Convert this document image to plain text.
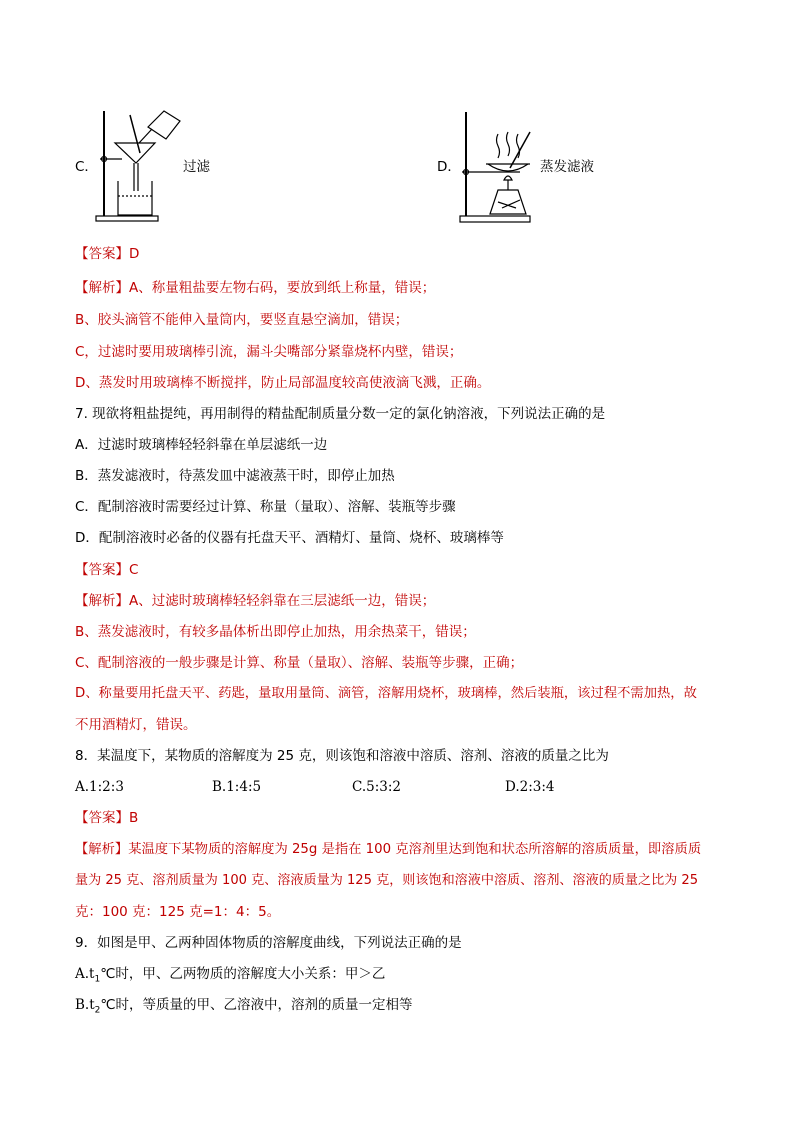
C．	过滤	D．	蒸发滤液
【答案】D
【解析】A、称量粗盐要左物右码，要放到纸上称量，错误；
B、胶头滴管不能伸入量筒内，要竖直悬空滴加，错误；
C，过滤时要用玻璃棒引流，漏斗尖嘴部分紧靠烧杯内壁，错误；
D、蒸发时用玻璃棒不断搅拌，防止局部温度较高使液滴飞溅，正确。
7. 现欲将粗盐提纯，再用制得的精盐配制质量分数一定的氯化钠溶液，下列说法正确的是
A．过滤时玻璃棒轻轻斜靠在单层滤纸一边
B．蒸发滤液时，待蒸发皿中滤液蒸干时，即停止加热
C．配制溶液时需要经过计算、称量（量取）、溶解、装瓶等步骤
D．配制溶液时必备的仪器有托盘天平、酒精灯、量筒、烧杯、玻璃棒等
【答案】C
【解析】A、过滤时玻璃棒轻轻斜靠在三层滤纸一边，错误；
B、蒸发滤液时，有较多晶体析出即停止加热，用余热菜干，错误；
C、配制溶液的一般步骤是计算、称量（量取）、溶解、装瓶等步骤，正确；
D、称量要用托盘天平、药匙，量取用量筒、滴管，溶解用烧杯，玻璃棒，然后装瓶，该过程不需加热，故
不用酒精灯，错误。
8．某温度下，某物质的溶解度为 25 克，则该饱和溶液中溶质、溶剂、溶液的质量之比为
A.1:2:3	B.1:4:5	C.5:3:2	D.2:3:4
【答案】B
【解析】某温度下某物质的溶解度为 25g 是指在 100 克溶剂里达到饱和状态所溶解的溶质质量，即溶质质
量为 25 克、溶剂质量为 100 克、溶液质量为 125 克，则该饱和溶液中溶质、溶剂、溶液的质量之比为 25
克：100 克：125 克=1：4：5。
9．如图是甲、乙两种固体物质的溶解度曲线，下列说法正确的是
$A.t_1℃$时，甲、乙两物质的溶解度大小关系：甲＞乙
$B.t_2℃$时，等质量的甲、乙溶液中，溶剂的质量一定相等
